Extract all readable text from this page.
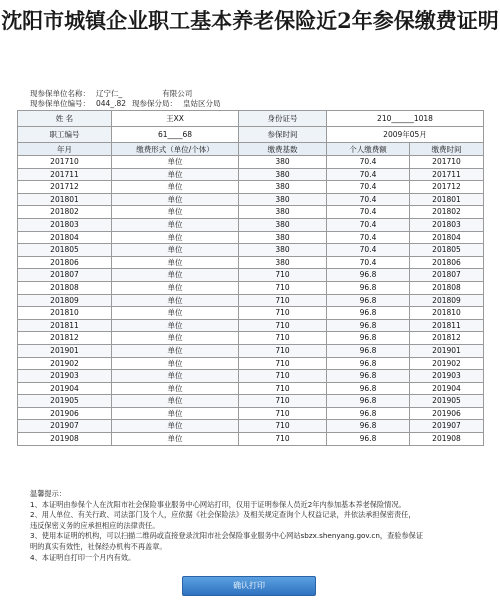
沈阳市城镇企业职工基本养老保险近2年参保缴费证明
现参保单位名称： 辽宁仁_	有限公司
现参保单位编号： 044_.82 现参保分局： 皇姑区分局
姓 名	王XX	身份证号	210______1018	
职工编号	61____68	参保时间	2009年05月	
年月	缴费形式（单位/个体）	缴费基数	个人缴费额	缴费时间
201710	单位	380	70.4	201710
201711	单位	380	70.4	201711
201712	单位	380	70.4	201712
201801	单位	380	70.4	201801
201802	单位	380	70.4	201802
201803	单位	380	70.4	201803
201804	单位	380	70.4	201804
201805	单位	380	70.4	201805
201806	单位	380	70.4	201806
201807	单位	710	96.8	201807
201808	单位	710	96.8	201808
201809	单位	710	96.8	201809
201810	单位	710	96.8	201810
201811	单位	710	96.8	201811
201812	单位	710	96.8	201812
201901	单位	710	96.8	201901
201902	单位	710	96.8	201902
201903	单位	710	96.8	201903
201904	单位	710	96.8	201904
201905	单位	710	96.8	201905
201906	单位	710	96.8	201906
201907	单位	710	96.8	201907
201908	单位	710	96.8	201908
温馨提示：
1、本证明由参保个人在沈阳市社会保险事业服务中心网站打印，仅用于证明参保人员近2年内参加基本养老保险情况。
2、用人单位、有关行政、司法部门及个人，应依据《社会保险法》及相关规定查询个人权益记录，并依法承担保密责任，
违反保密义务的应承担相应的法律责任。
3、使用本证明的机构，可以扫描二维码或直接登录沈阳市社会保险事业服务中心网站sbzx.shenyang.gov.cn，查验参保证
明的真实有效性，社保经办机构不再盖章。
4、本证明自打印一个月内有效。
确认打印
